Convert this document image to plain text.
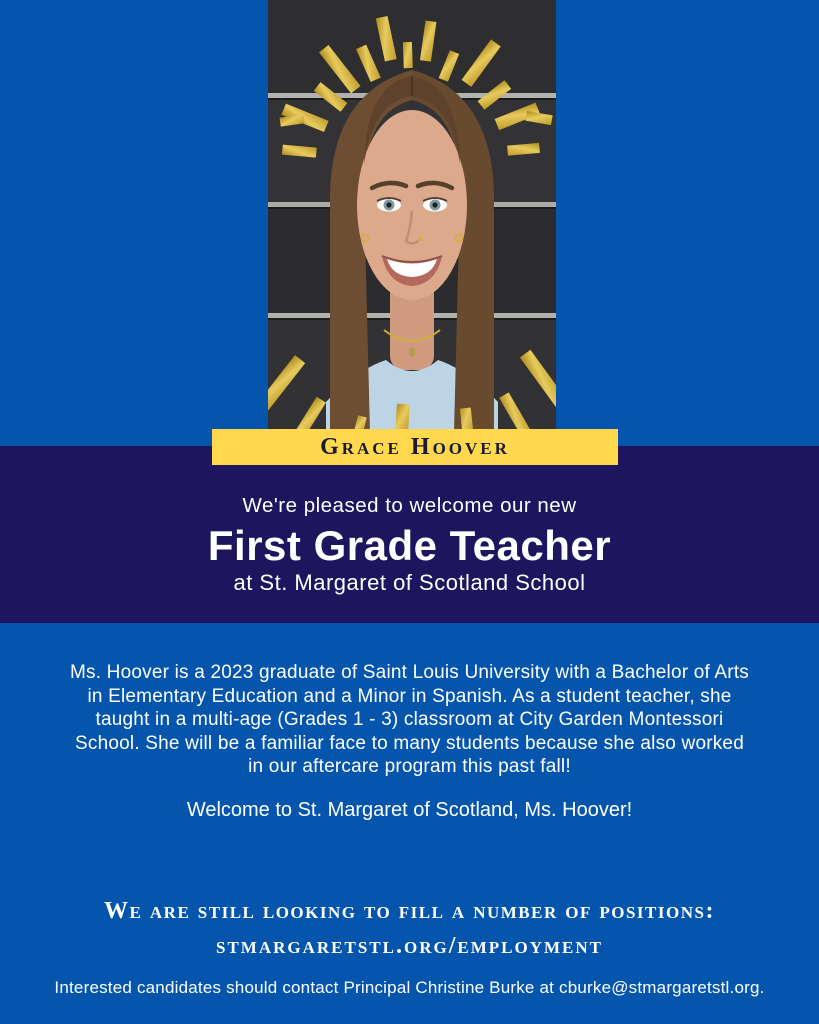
Grace Hoover
We're pleased to welcome our new
First Grade Teacher
at St. Margaret of Scotland School
Ms. Hoover is a 2023 graduate of Saint Louis University with a Bachelor of Arts
in Elementary Education and a Minor in Spanish. As a student teacher, she
taught in a multi-age (Grades 1 - 3) classroom at City Garden Montessori
School. She will be a familiar face to many students because she also worked
in our aftercare program this past fall!
Welcome to St. Margaret of Scotland, Ms. Hoover!
We are still looking to fill a number of positions:
stmargaretstl.org/employment
Interested candidates should contact Principal Christine Burke at cburke@stmargaretstl.org.
